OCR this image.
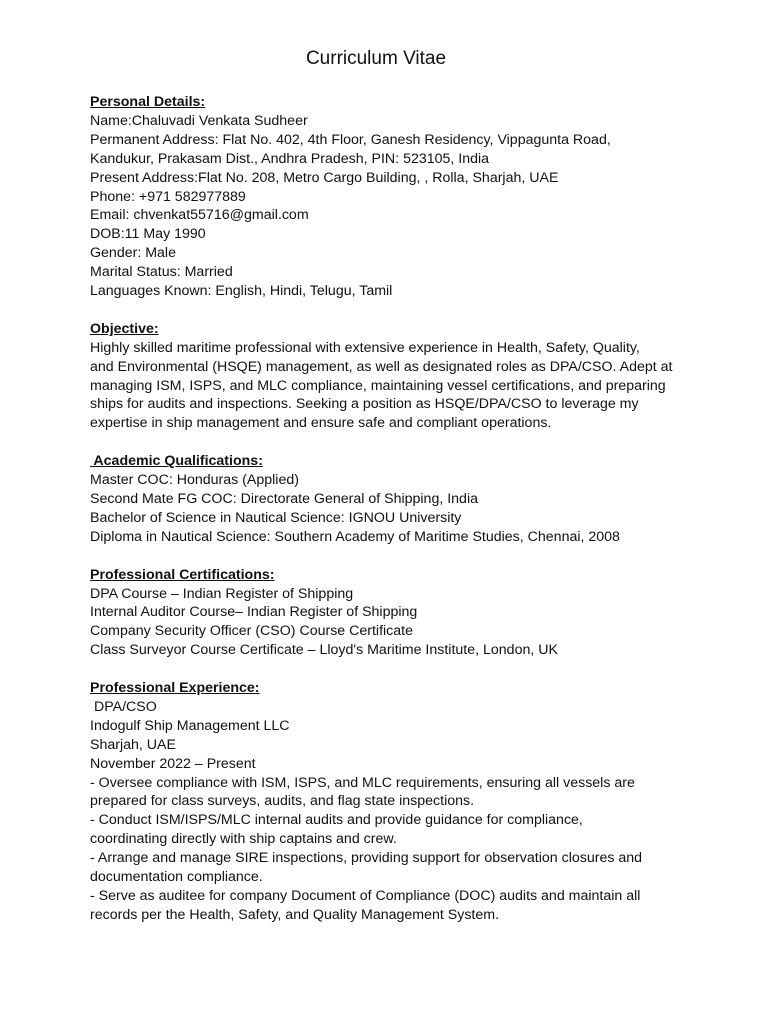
Curriculum Vitae

Personal Details:

Name:Chaluvadi Venkata Sudheer

Permanent Address: Flat No. 402, 4th Floor, Ganesh Residency, Vippagunta Road,

Kandukur, Prakasam Dist., Andhra Pradesh, PIN: 523105, India

Present Address:Flat No. 208, Metro Cargo Building, , Rolla, Sharjah, UAE

Phone: +971 582977889

Email: chvenkat55716@gmail.com

DOB:11 May 1990

Gender: Male

Marital Status: Married

Languages Known: English, Hindi, Telugu, Tamil

Objective:

Highly skilled maritime professional with extensive experience in Health, Safety, Quality,

and Environmental (HSQE) management, as well as designated roles as DPA/CSO. Adept at

managing ISM, ISPS, and MLC compliance, maintaining vessel certifications, and preparing

ships for audits and inspections. Seeking a position as HSQE/DPA/CSO to leverage my

expertise in ship management and ensure safe and compliant operations.

Academic Qualifications:

Master COC: Honduras (Applied)

Second Mate FG COC: Directorate General of Shipping, India

Bachelor of Science in Nautical Science: IGNOU University

Diploma in Nautical Science: Southern Academy of Maritime Studies, Chennai, 2008

Professional Certifications:

DPA Course – Indian Register of Shipping

Internal Auditor Course– Indian Register of Shipping

Company Security Officer (CSO) Course Certificate

Class Surveyor Course Certificate – Lloyd's Maritime Institute, London, UK

Professional Experience:

DPA/CSO

Indogulf Ship Management LLC

Sharjah, UAE

November 2022 – Present

- Oversee compliance with ISM, ISPS, and MLC requirements, ensuring all vessels are

prepared for class surveys, audits, and flag state inspections.

- Conduct ISM/ISPS/MLC internal audits and provide guidance for compliance,

coordinating directly with ship captains and crew.

- Arrange and manage SIRE inspections, providing support for observation closures and

documentation compliance.

- Serve as auditee for company Document of Compliance (DOC) audits and maintain all

records per the Health, Safety, and Quality Management System.
